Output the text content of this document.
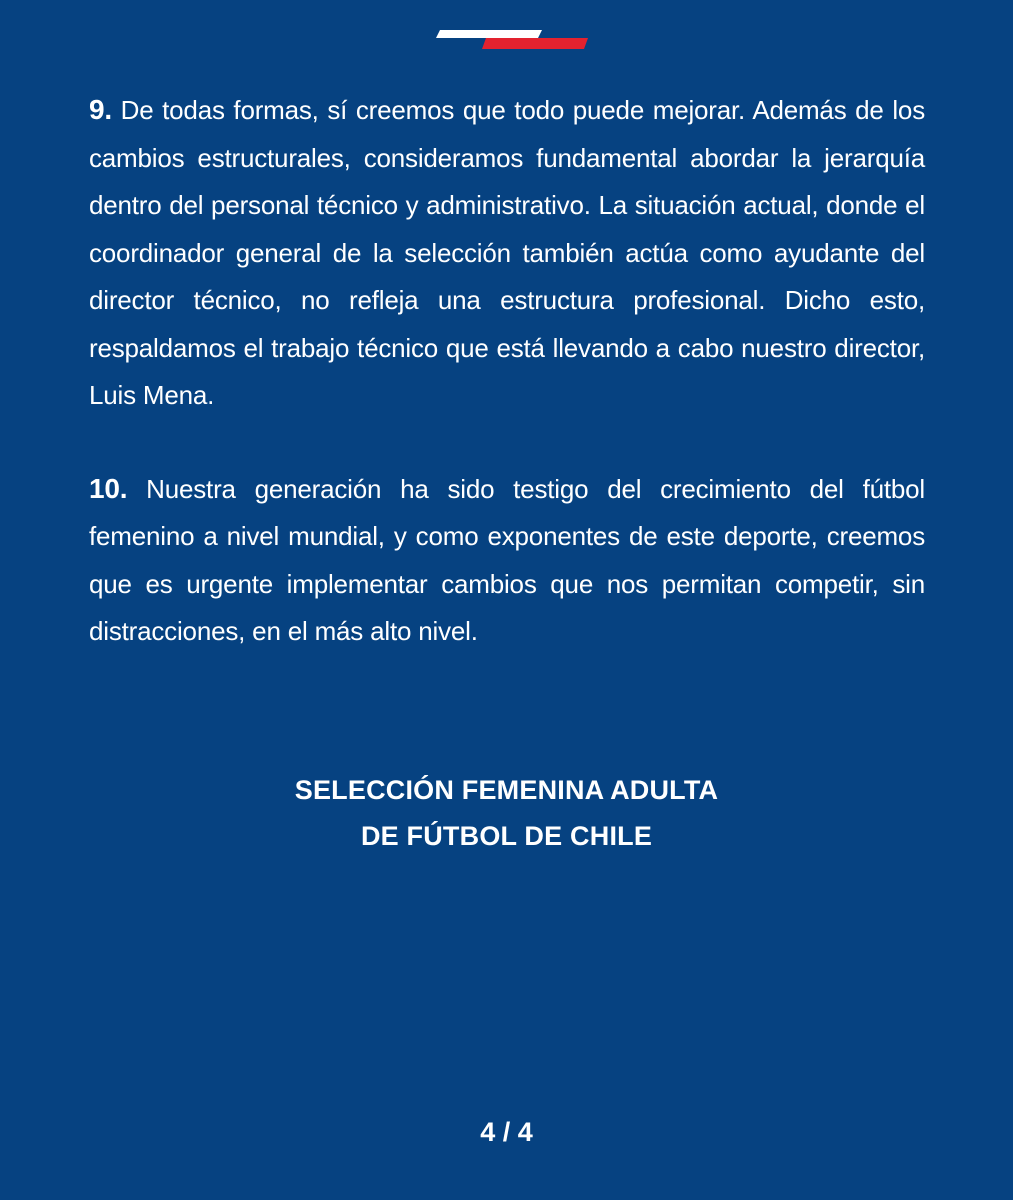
9. De todas formas, sí creemos que todo puede mejorar. Además de los cambios estructurales, consideramos fundamental abordar la jerarquía dentro del personal técnico y administrativo. La situación actual, donde el coordinador general de la selección también actúa como ayudante del director técnico, no refleja una estructura profesional. Dicho esto, respaldamos el trabajo técnico que está llevando a cabo nuestro director, Luis Mena.

10. Nuestra generación ha sido testigo del crecimiento del fútbol femenino a nivel mundial, y como exponentes de este deporte, creemos que es urgente implementar cambios que nos permitan competir, sin distracciones, en el más alto nivel.

SELECCIÓN FEMENINA ADULTA
DE FÚTBOL DE CHILE
4 / 4
